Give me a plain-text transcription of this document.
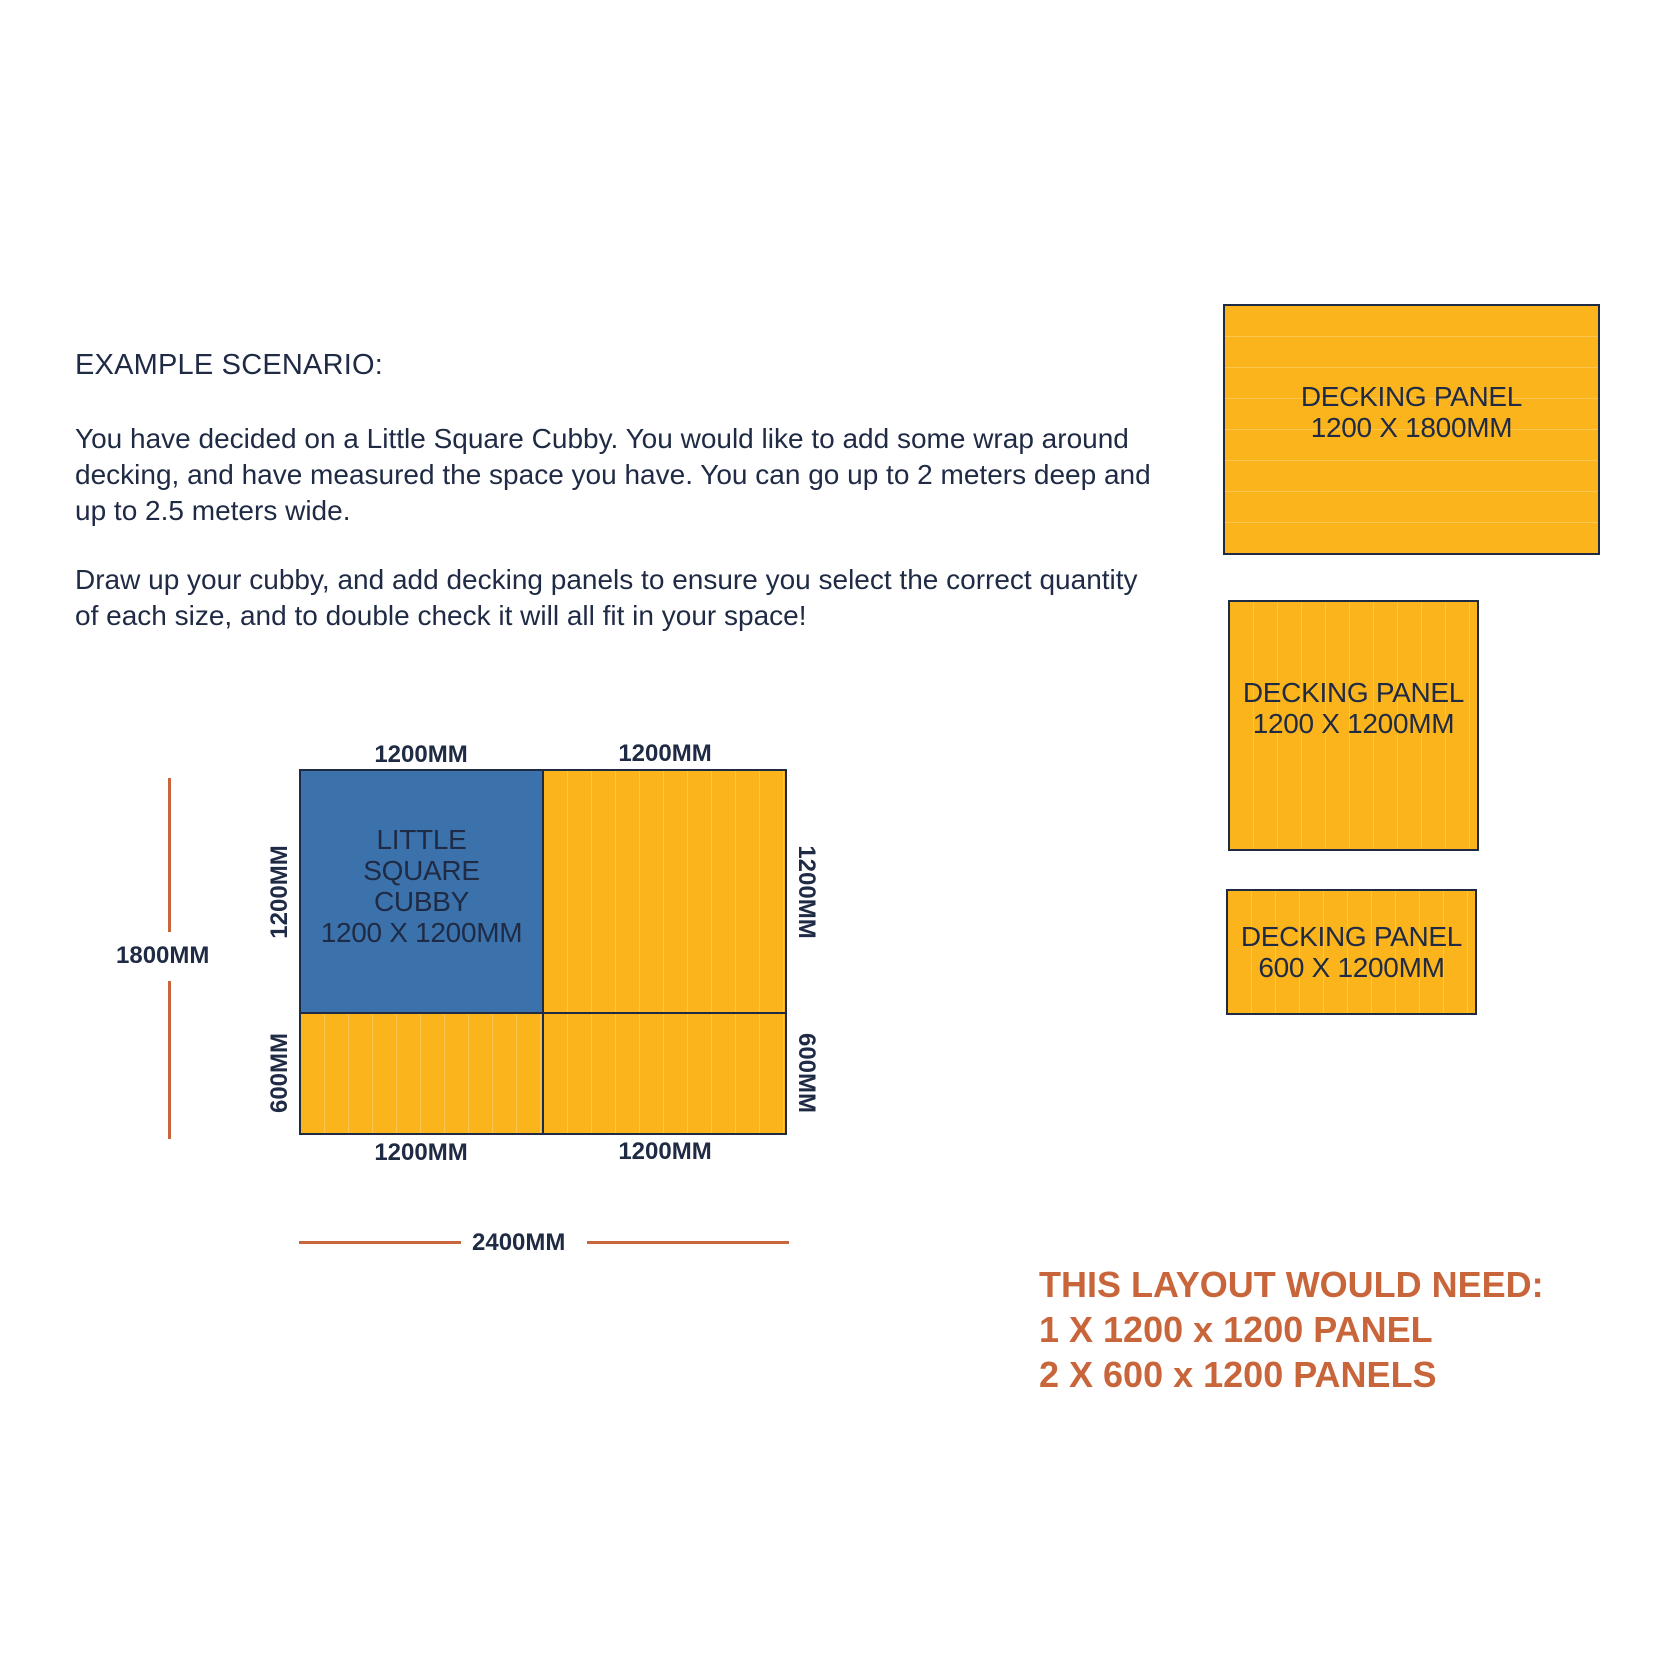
EXAMPLE SCENARIO:
You have decided on a Little Square Cubby. You would like to add some wrap around decking, and have measured the space you have. You can go up to 2 meters deep and up to 2.5 meters wide.
Draw up your cubby, and add decking panels to ensure you select the correct quantity of each size, and to double check it will all fit in your space!
DECKING PANEL
1200 X 1800MM
DECKING PANEL
1200 X 1200MM
DECKING PANEL
600 X 1200MM
LITTLE
SQUARE
CUBBY
1200 X 1200MM
1200MM	1200MM
1200MM	1200MM
1200MM
600MM
1200MM
600MM
1800MM
2400MM
THIS LAYOUT WOULD NEED:
1 X 1200 x 1200 PANEL
2 X 600 x 1200 PANELS
